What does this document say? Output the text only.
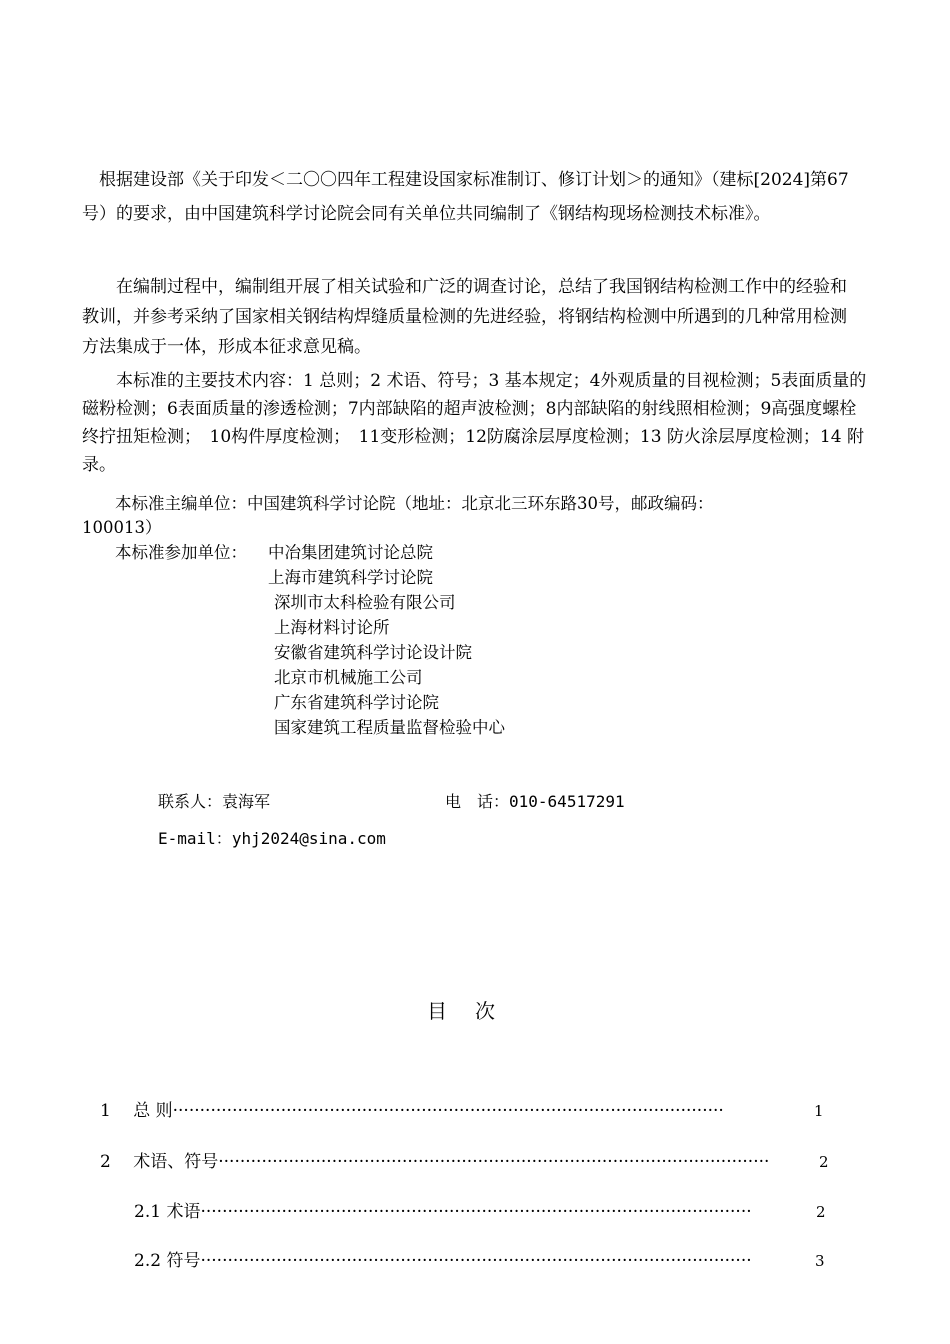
　根据建设部《关于印发＜二〇〇四年工程建设国家标准制订、修订计划＞的通知》（建标[2024]第67号）的要求，由中国建筑科学讨论院会同有关单位共同编制了《钢结构现场检测技术标准》。

　　在编制过程中，编制组开展了相关试验和广泛的调查讨论，总结了我国钢结构检测工作中的经验和教训，并参考采纳了国家相关钢结构焊缝质量检测的先进经验，将钢结构检测中所遇到的几种常用检测方法集成于一体，形成本征求意见稿。

　　本标准的主要技术内容：1 总则；2 术语、符号；3 基本规定；4外观质量的目视检测；5表面质量的磁粉检测；6表面质量的渗透检测；7内部缺陷的超声波检测；8内部缺陷的射线照相检测；9高强度螺栓终拧扭矩检测；　10构件厚度检测；　11变形检测；12防腐涂层厚度检测；13 防火涂层厚度检测；14 附录。

本标准主编单位：中国建筑科学讨论院（地址：北京北三环东路30号，邮政编码：
100013）
本标准参加单位： 中冶集团建筑讨论总院
上海市建筑科学讨论院
深圳市太科检验有限公司
上海材料讨论所
安徽省建筑科学讨论设计院
北京市机械施工公司
广东省建筑科学讨论院
国家建筑工程质量监督检验中心
联系人：袁海军	电　话：010-64517291
E-mail：yhj2024@sina.com
目次
1　 总 则 ······································································································	1
2　 术语、符号 ······································································································	2
2.1 术语 ······································································································	2
2.2 符号 ······································································································	3
